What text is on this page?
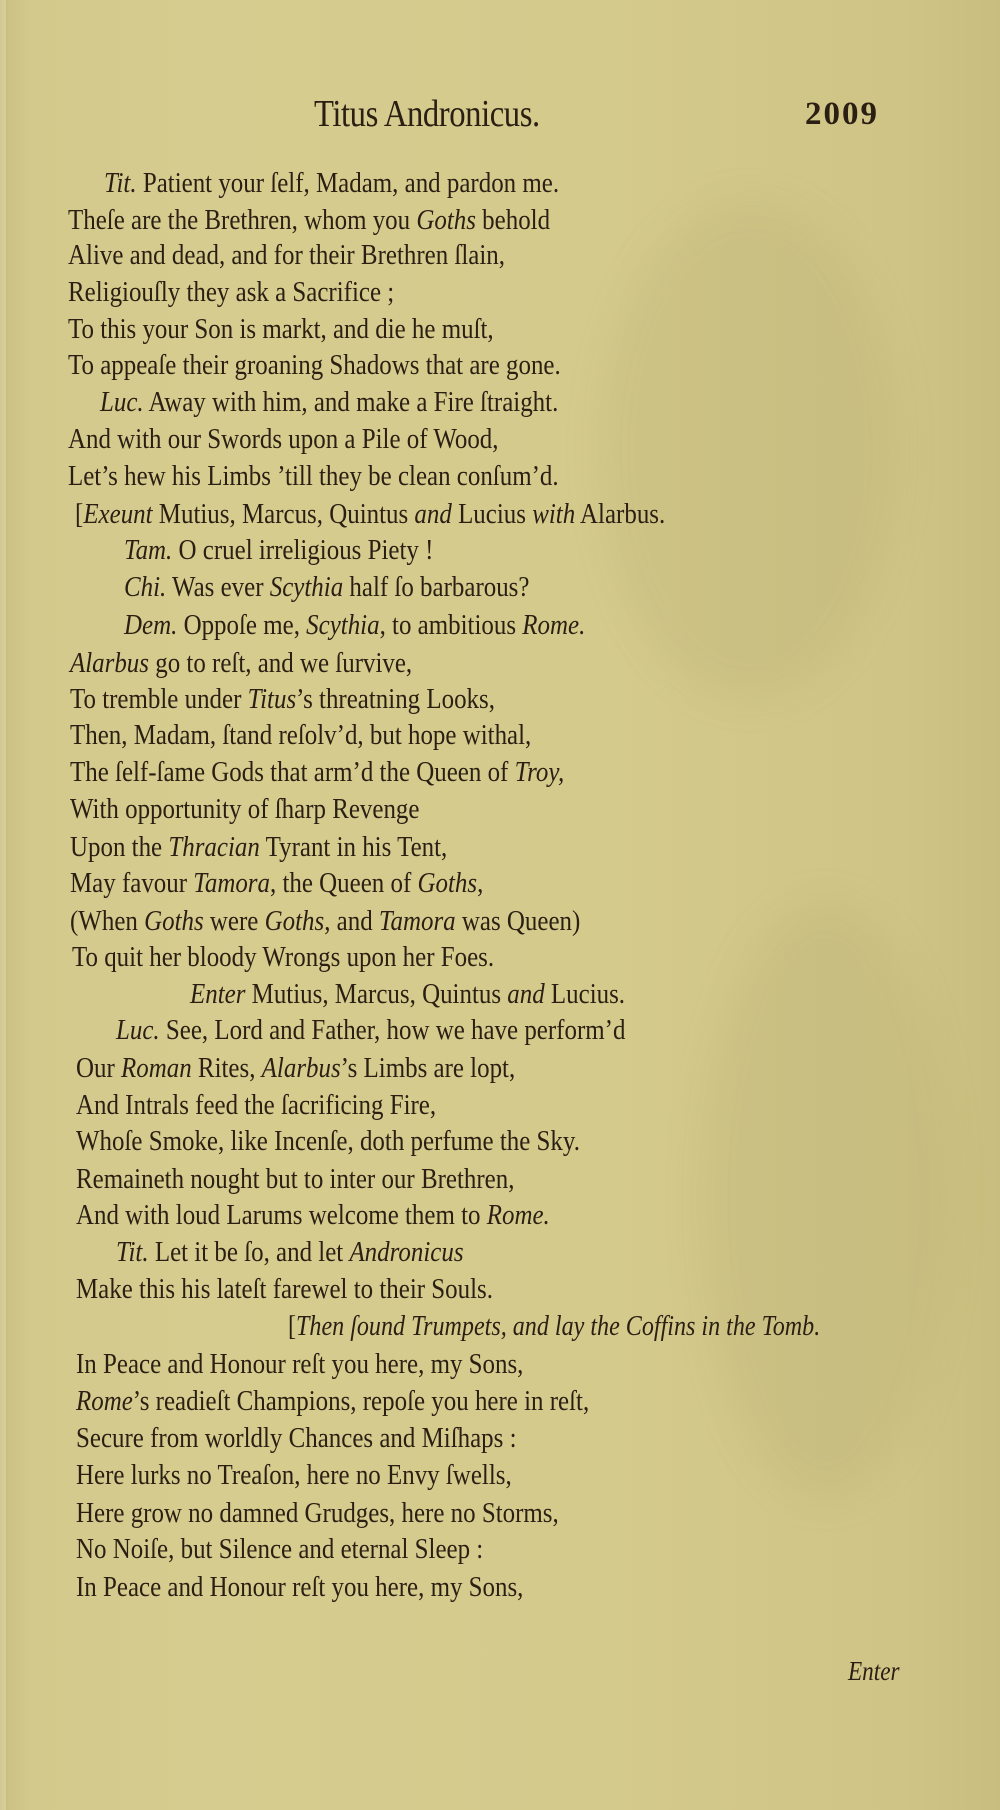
Titus Andronicus.	2009
Tit. Patient your ſelf, Madam, and pardon me.
Theſe are the Brethren, whom you Goths behold
Alive and dead, and for their Brethren ſlain,
Religiouſly they ask a Sacrifice ;
To this your Son is markt, and die he muſt,
To appeaſe their groaning Shadows that are gone.
Luc. Away with him, and make a Fire ſtraight.
And with our Swords upon a Pile of Wood,
Let’s hew his Limbs ’till they be clean conſum’d.
[Exeunt Mutius, Marcus, Quintus and Lucius with Alarbus.
Tam. O cruel irreligious Piety !
Chi. Was ever Scythia half ſo barbarous?
Dem. Oppoſe me, Scythia, to ambitious Rome.
Alarbus go to reſt, and we ſurvive,
To tremble under Titus’s threatning Looks,
Then, Madam, ſtand reſolv’d, but hope withal,
The ſelf-ſame Gods that arm’d the Queen of Troy,
With opportunity of ſharp Revenge
Upon the Thracian Tyrant in his Tent,
May favour Tamora, the Queen of Goths,
(When Goths were Goths, and Tamora was Queen)
To quit her bloody Wrongs upon her Foes.
Enter Mutius, Marcus, Quintus and Lucius.
Luc. See, Lord and Father, how we have perform’d
Our Roman Rites, Alarbus’s Limbs are lopt,
And Intrals feed the ſacrificing Fire,
Whoſe Smoke, like Incenſe, doth perfume the Sky.
Remaineth nought but to inter our Brethren,
And with loud Larums welcome them to Rome.
Tit. Let it be ſo, and let Andronicus
Make this his lateſt farewel to their Souls.
[Then ſound Trumpets, and lay the Coffins in the Tomb.
In Peace and Honour reſt you here, my Sons,
Rome’s readieſt Champions, repoſe you here in reſt,
Secure from worldly Chances and Miſhaps :
Here lurks no Treaſon, here no Envy ſwells,
Here grow no damned Grudges, here no Storms,
No Noiſe, but Silence and eternal Sleep :
In Peace and Honour reſt you here, my Sons,
Enter
